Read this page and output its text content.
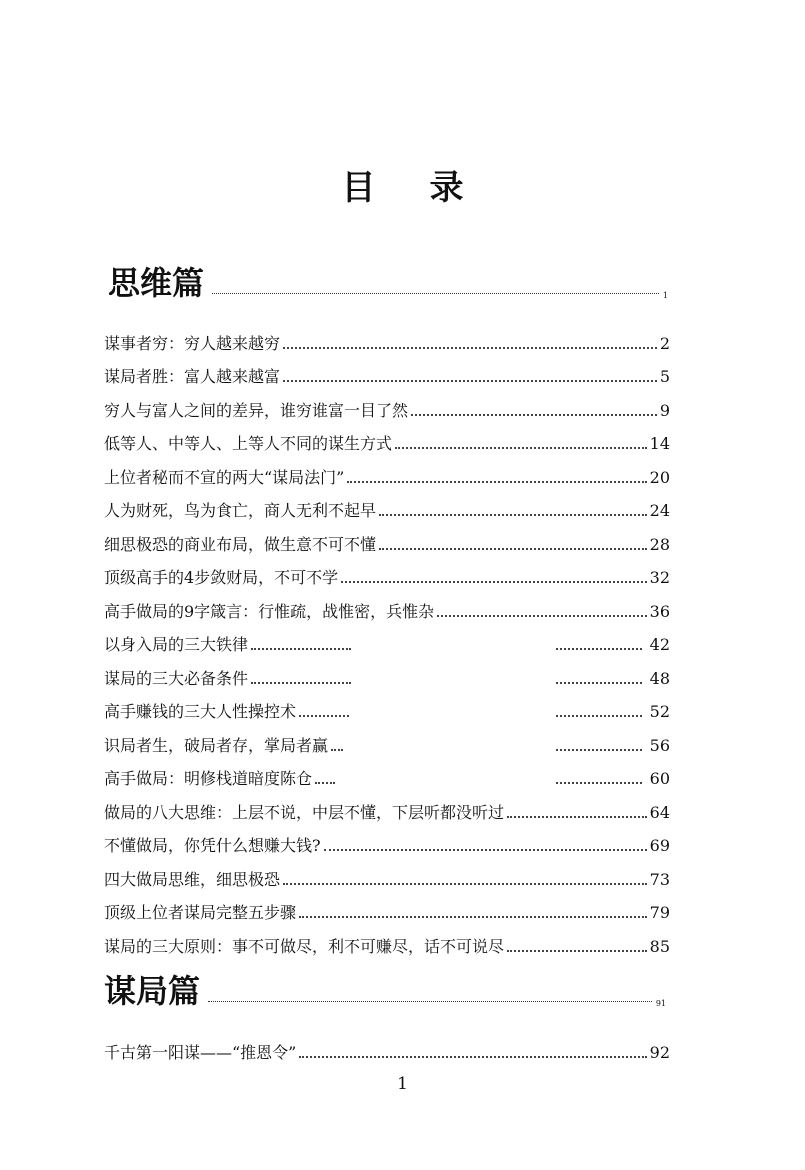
目 录
思维篇	1
谋事者穷：穷人越来越穷	2
谋局者胜：富人越来越富	5
穷人与富人之间的差异，谁穷谁富一目了然	9
低等人、中等人、上等人不同的谋生方式	14
上位者秘而不宣的两大“谋局法门”	20
人为财死，鸟为食亡，商人无利不起早	24
细思极恐的商业布局，做生意不可不懂	28
顶级高手的4步敛财局，不可不学	32
高手做局的9字箴言：行惟疏，战惟密，兵惟杂	36
以身入局的三大铁律	42
谋局的三大必备条件	48
高手赚钱的三大人性操控术	52
识局者生，破局者存，掌局者赢	56
高手做局：明修栈道暗度陈仓	60
做局的八大思维：上层不说，中层不懂，下层听都没听过	64
不懂做局，你凭什么想赚大钱?	69
四大做局思维，细思极恐	73
顶级上位者谋局完整五步骤	79
谋局的三大原则：事不可做尽，利不可赚尽，话不可说尽	85
谋局篇	91
千古第一阳谋——“推恩令”	92
1
